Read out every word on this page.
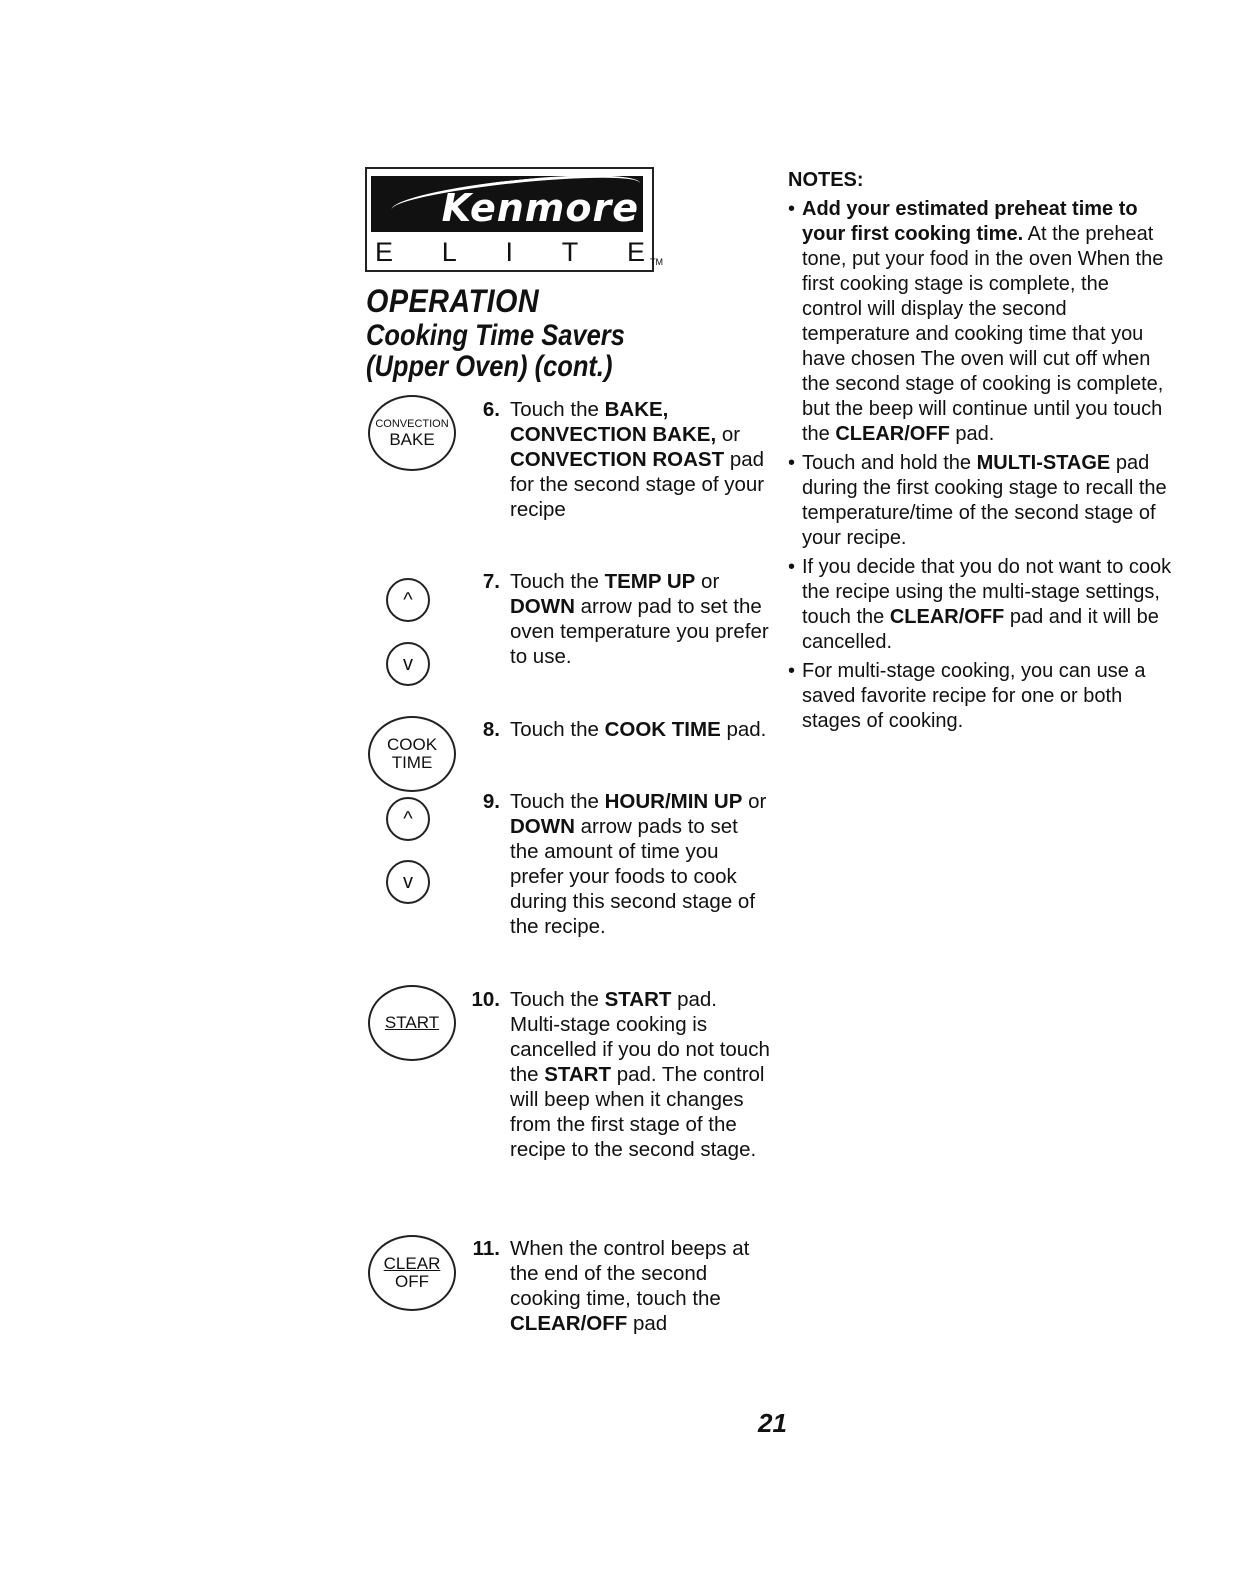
Kenmore
E L I T E TM
OPERATION
Cooking Time Savers
(Upper Oven) (cont.)
CONVECTION
BAKE
^
v
COOK
TIME
^
v
START
CLEAR
OFF
6. Touch the BAKE, CONVECTION BAKE, or CONVECTION ROAST pad for the second stage of your recipe
7. Touch the TEMP UP or DOWN arrow pad to set the oven temperature you prefer to use.
8. Touch the COOK TIME pad.
9. Touch the HOUR/MIN UP or DOWN arrow pads to set the amount of time you prefer your foods to cook during this second stage of the recipe.
10. Touch the START pad. Multi-stage cooking is cancelled if you do not touch the START pad. The control will beep when it changes from the first stage of the recipe to the second stage.
11. When the control beeps at the end of the second cooking time, touch the CLEAR/OFF pad
NOTES:
• Add your estimated preheat time to your first cooking time. At the preheat tone, put your food in the oven When the first cooking stage is complete, the control will display the second temperature and cooking time that you have chosen The oven will cut off when the second stage of cooking is complete, but the beep will continue until you touch the CLEAR/OFF pad.
• Touch and hold the MULTI-STAGE pad during the first cooking stage to recall the temperature/time of the second stage of your recipe.
• If you decide that you do not want to cook the recipe using the multi-stage settings, touch the CLEAR/OFF pad and it will be cancelled.
• For multi-stage cooking, you can use a saved favorite recipe for one or both stages of cooking.
21
